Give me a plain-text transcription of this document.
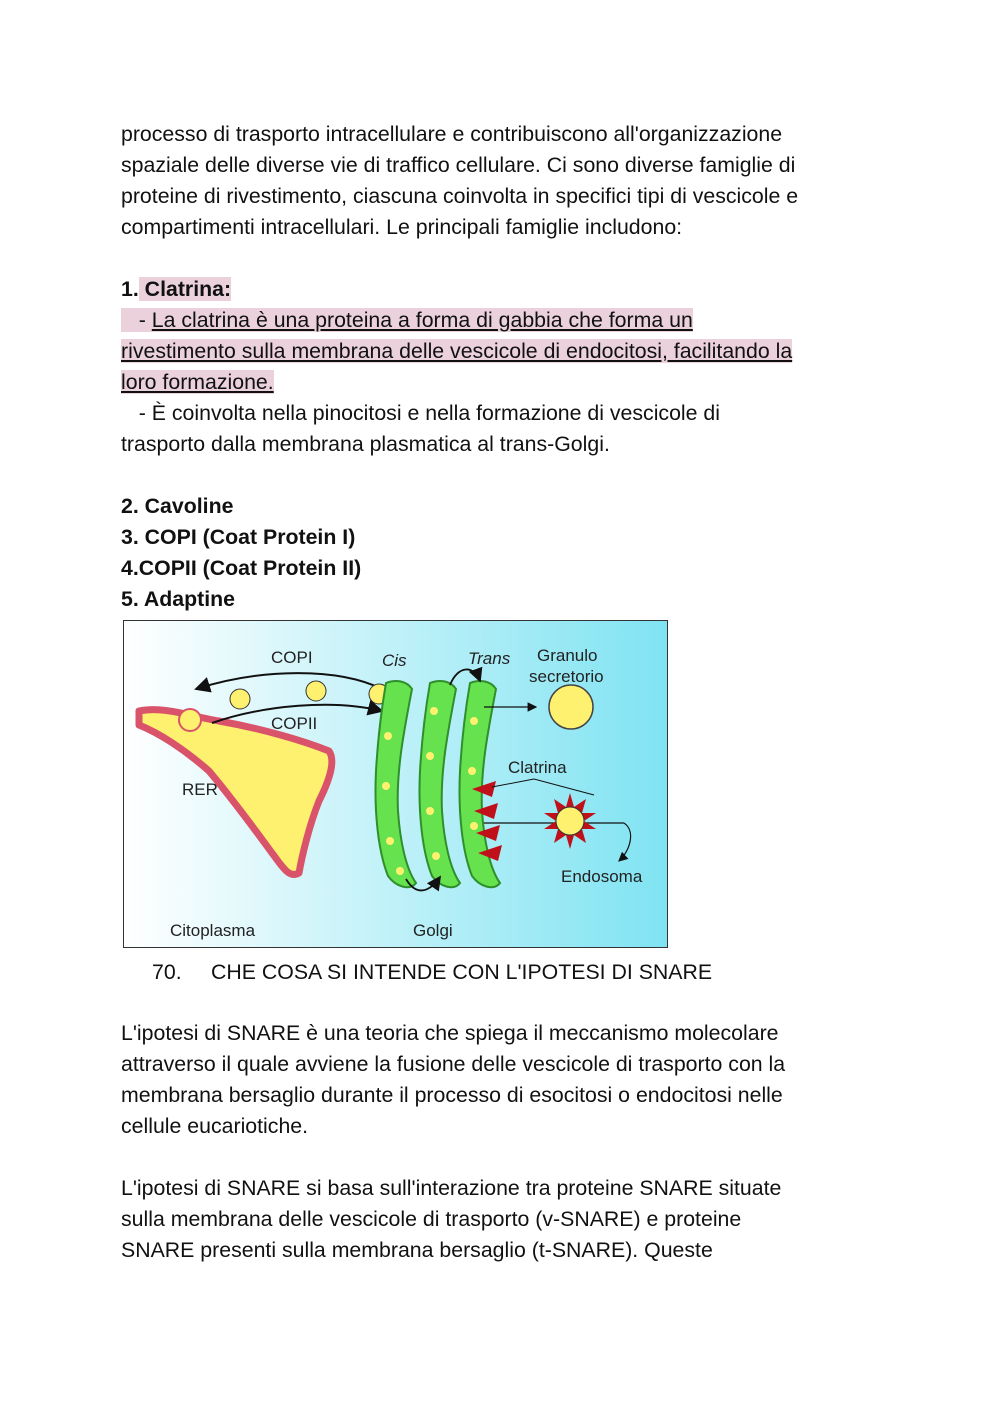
processo di trasporto intracellulare e contribuiscono all'organizzazione

spaziale delle diverse vie di traffico cellulare. Ci sono diverse famiglie di

proteine di rivestimento, ciascuna coinvolta in specifici tipi di vescicole e

compartimenti intracellulari. Le principali famiglie includono:

1. Clatrina:

- La clatrina è una proteina a forma di gabbia che forma un

rivestimento sulla membrana delle vescicole di endocitosi, facilitando la

loro formazione.

- È coinvolta nella pinocitosi e nella formazione di vescicole di

trasporto dalla membrana plasmatica al trans-Golgi.

2. Cavoline

3. COPI (Coat Protein I)

4.COPII (Coat Protein II)

5. Adaptine

COPI
COPII
Cis	Trans Granulo
secretorio
Clatrina
RER
Endosoma
Citoplasma	Golgi
70. CHE COSA SI INTENDE CON L'IPOTESI DI SNARE

L'ipotesi di SNARE è una teoria che spiega il meccanismo molecolare

attraverso il quale avviene la fusione delle vescicole di trasporto con la

membrana bersaglio durante il processo di esocitosi o endocitosi nelle

cellule eucariotiche.

L'ipotesi di SNARE si basa sull'interazione tra proteine SNARE situate

sulla membrana delle vescicole di trasporto (v-SNARE) e proteine

SNARE presenti sulla membrana bersaglio (t-SNARE). Queste
